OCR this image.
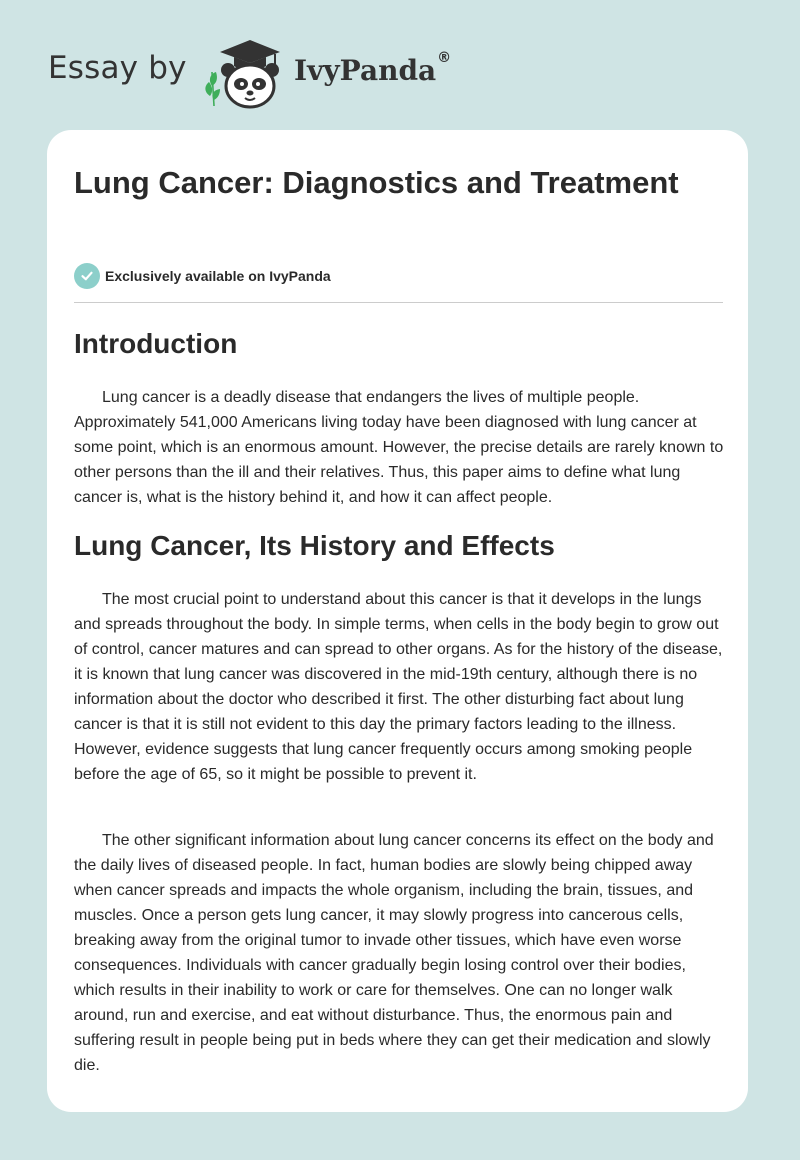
Essay by	IvyPanda®
Lung Cancer: Diagnostics and Treatment
Exclusively available on IvyPanda
Introduction

Lung cancer is a deadly disease that endangers the lives of multiple people. Approximately 541,000 Americans living today have been diagnosed with lung cancer at some point, which is an enormous amount. However, the precise details are rarely known to other persons than the ill and their relatives. Thus, this paper aims to define what lung cancer is, what is the history behind it, and how it can affect people.

Lung Cancer, Its History and Effects

The most crucial point to understand about this cancer is that it develops in the lungs and spreads throughout the body. In simple terms, when cells in the body begin to grow out of control, cancer matures and can spread to other organs. As for the history of the disease, it is known that lung cancer was discovered in the mid-19th century, although there is no information about the doctor who described it first. The other disturbing fact about lung cancer is that it is still not evident to this day the primary factors leading to the illness. However, evidence suggests that lung cancer frequently occurs among smoking people before the age of 65, so it might be possible to prevent it.

The other significant information about lung cancer concerns its effect on the body and the daily lives of diseased people. In fact, human bodies are slowly being chipped away when cancer spreads and impacts the whole organism, including the brain, tissues, and muscles. Once a person gets lung cancer, it may slowly progress into cancerous cells, breaking away from the original tumor to invade other tissues, which have even worse consequences. Individuals with cancer gradually begin losing control over their bodies, which results in their inability to work or care for themselves. One can no longer walk around, run and exercise, and eat without disturbance. Thus, the enormous pain and suffering result in people being put in beds where they can get their medication and slowly die.
